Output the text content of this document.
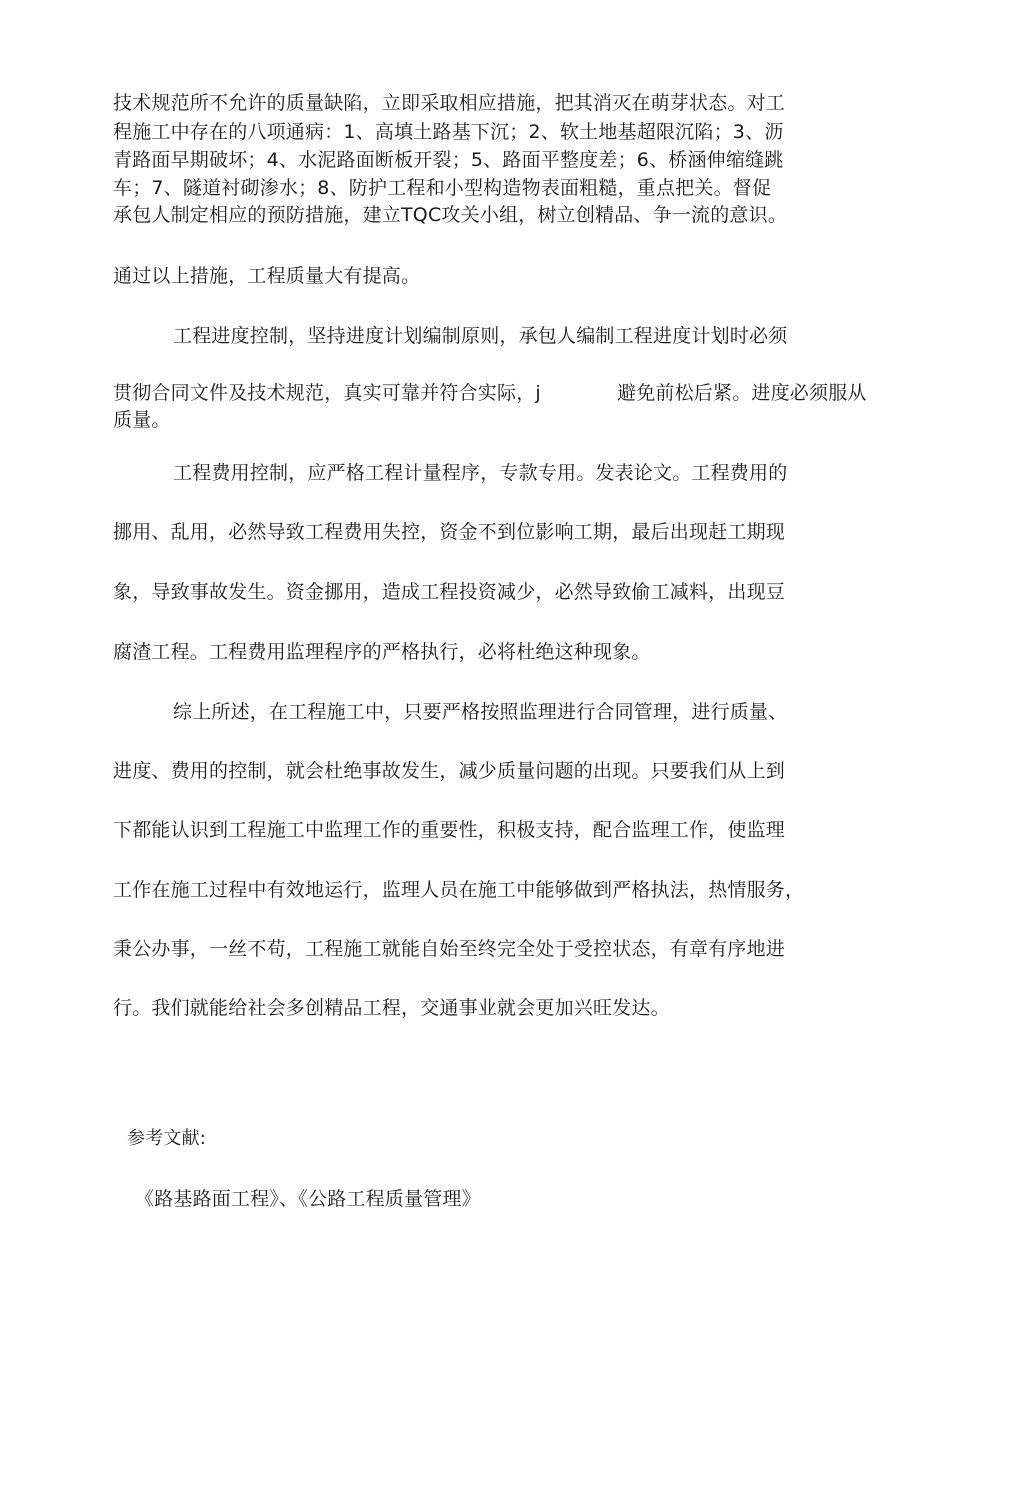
技术规范所不允许的质量缺陷，立即采取相应措施，把其消灭在萌芽状态。对工
程施工中存在的八项通病：1、高填土路基下沉；2、软土地基超限沉陷；3、沥
青路面早期破坏；4、水泥路面断板开裂；5、路面平整度差；6、桥涵伸缩缝跳
车；7、隧道衬砌渗水；8、防护工程和小型构造物表面粗糙，重点把关。督促
承包人制定相应的预防措施，建立TQC攻关小组，树立创精品、争一流的意识。
通过以上措施，工程质量大有提高。
工程进度控制，坚持进度计划编制原则，承包人编制工程进度计划时必须
贯彻合同文件及技术规范，真实可靠并符合实际，j	避免前松后紧。进度必须服从
质量。
工程费用控制，应严格工程计量程序，专款专用。发表论文。工程费用的
挪用、乱用，必然导致工程费用失控，资金不到位影响工期，最后出现赶工期现
象，导致事故发生。资金挪用，造成工程投资减少，必然导致偷工减料，出现豆
腐渣工程。工程费用监理程序的严格执行，必将杜绝这种现象。
综上所述，在工程施工中，只要严格按照监理进行合同管理，进行质量、
进度、费用的控制，就会杜绝事故发生，减少质量问题的出现。只要我们从上到
下都能认识到工程施工中监理工作的重要性，积极支持，配合监理工作，使监理
工作在施工过程中有效地运行，监理人员在施工中能够做到严格执法，热情服务，
秉公办事，一丝不苟，工程施工就能自始至终完全处于受控状态，有章有序地进
行。我们就能给社会多创精品工程，交通事业就会更加兴旺发达。
参考文献:
《路基路面工程》、《公路工程质量管理》
